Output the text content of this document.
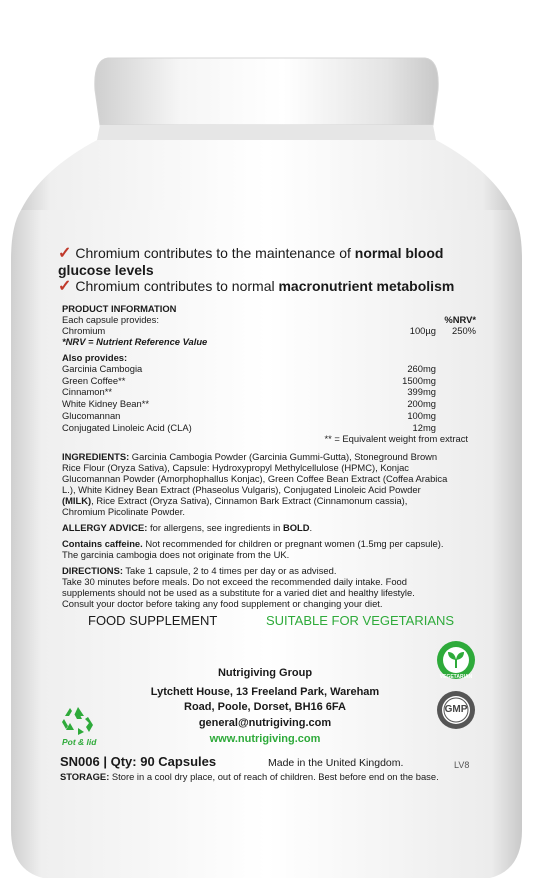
✓ Chromium contributes to the maintenance of normal blood glucose levels
✓ Chromium contributes to normal macronutrient metabolism
PRODUCT INFORMATION
Each capsule provides:	%NRV*
Chromium	100µg	250%
*NRV = Nutrient Reference Value
Also provides:
Garcinia Cambogia	260mg
Green Coffee**	1500mg
Cinnamon**	399mg
White Kidney Bean**	200mg
Glucomannan	100mg
Conjugated Linoleic Acid (CLA)	12mg
** = Equivalent weight from extract
INGREDIENTS: Garcinia Cambogia Powder (Garcinia Gummi-Gutta), Stoneground Brown
Rice Flour (Oryza Sativa), Capsule: Hydroxypropyl Methylcellulose (HPMC), Konjac
Glucomannan Powder (Amorphophallus Konjac), Green Coffee Bean Extract (Coffea Arabica
L.), White Kidney Bean Extract (Phaseolus Vulgaris), Conjugated Linoleic Acid Powder
(MILK), Rice Extract (Oryza Sativa), Cinnamon Bark Extract (Cinnamonum cassia),
Chromium Picolinate Powder.
ALLERGY ADVICE: for allergens, see ingredients in BOLD.
Contains caffeine. Not recommended for children or pregnant women (1.5mg per capsule).
The garcinia cambogia does not originate from the UK.
DIRECTIONS: Take 1 capsule, 2 to 4 times per day or as advised.
Take 30 minutes before meals. Do not exceed the recommended daily intake. Food
supplements should not be used as a substitute for a varied diet and healthy lifestyle.
Consult your doctor before taking any food supplement or changing your diet.
FOOD SUPPLEMENT	SUITABLE FOR VEGETARIANS
Nutrigiving Group
Lytchett House, 13 Freeland Park, Wareham
Road, Poole, Dorset, BH16 6FA
general@nutrigiving.com
www.nutrigiving.com
Pot & lid
VEGETARIAN
GMP
LV8
SN006 | Qty: 90 Capsules	Made in the United Kingdom.
STORAGE: Store in a cool dry place, out of reach of children. Best before end on the base.
